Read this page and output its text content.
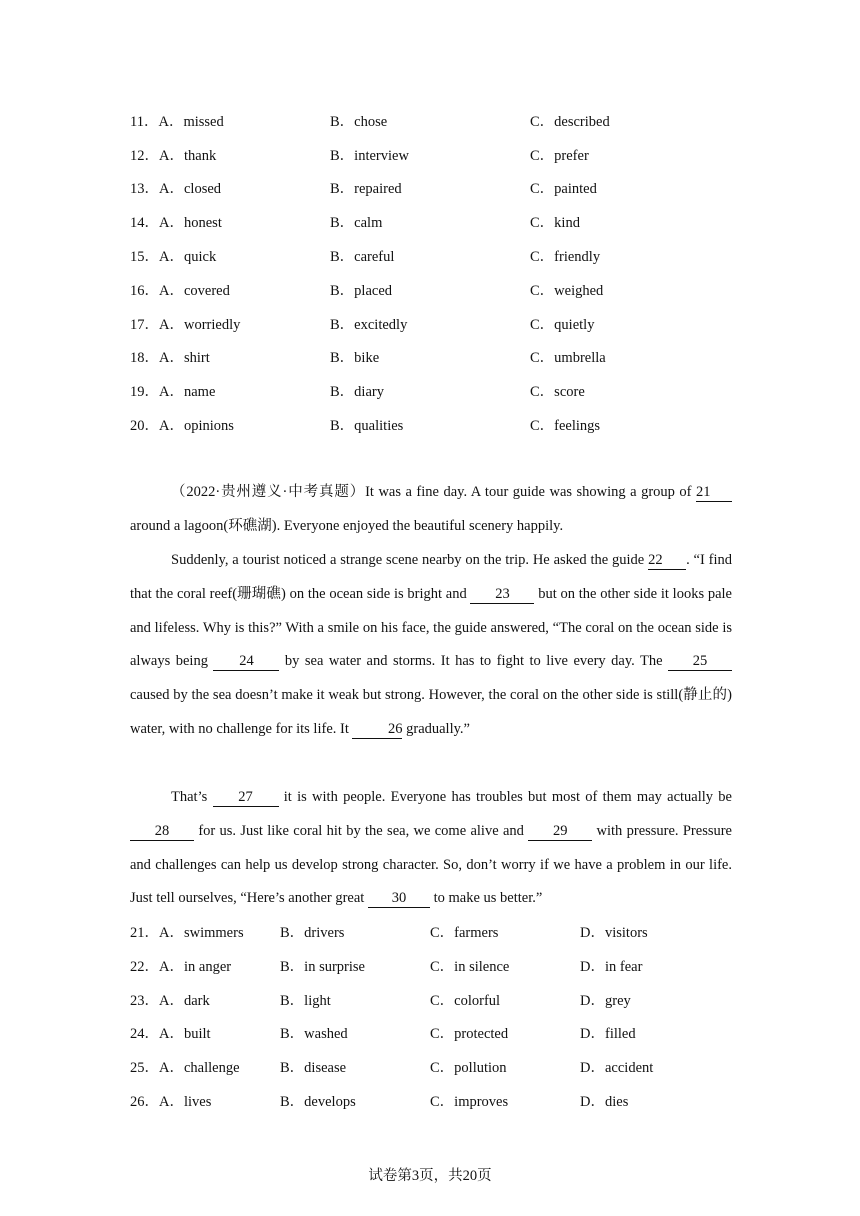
11．A．missed	B．chose	C．described
12．A．thank	B．interview	C．prefer
13．A．closed	B．repaired	C．painted
14．A．honest	B．calm	C．kind
15．A．quick	B．careful	C．friendly
16．A．covered	B．placed	C．weighed
17．A．worriedly	B．excitedly	C．quietly
18．A．shirt	B．bike	C．umbrella
19．A．name	B．diary	C．score
20．A．opinions	B．qualities	C．feelings

（2022·贵州遵义·中考真题）It was a fine day. A tour guide was showing a group of 21 around a lagoon(环礁湖). Everyone enjoyed the beautiful scenery happily.

Suddenly, a tourist noticed a strange scene nearby on the trip. He asked the guide 22 . “I find that the coral reef(珊瑚礁) on the ocean side is bright and 23 but on the other side it looks pale and lifeless. Why is this?” With a smile on his face, the guide answered, “The coral on the ocean side is always being 24 by sea water and storms. It has to fight to live every day. The 25 caused by the sea doesn’t make it weak but strong. However, the coral on the other side is still(静止的) water, with no challenge for its life. It 26 gradually.”

That’s 27 it is with people. Everyone has troubles but most of them may actually be 28 for us. Just like coral hit by the sea, we come alive and 29 with pressure. Pressure and challenges can help us develop strong character. So, don’t worry if we have a problem in our life. Just tell ourselves, “Here’s another great 30 to make us better.”

21．A．swimmers	B．drivers	C．farmers	D．visitors
22．A．in anger	B．in surprise	C．in silence	D．in fear
23．A．dark	B．light	C．colorful	D．grey
24．A．built	B．washed	C．protected	D．filled
25．A．challenge	B．disease	C．pollution	D．accident
26．A．lives	B．develops	C．improves	D．dies
试卷第3页，共20页
